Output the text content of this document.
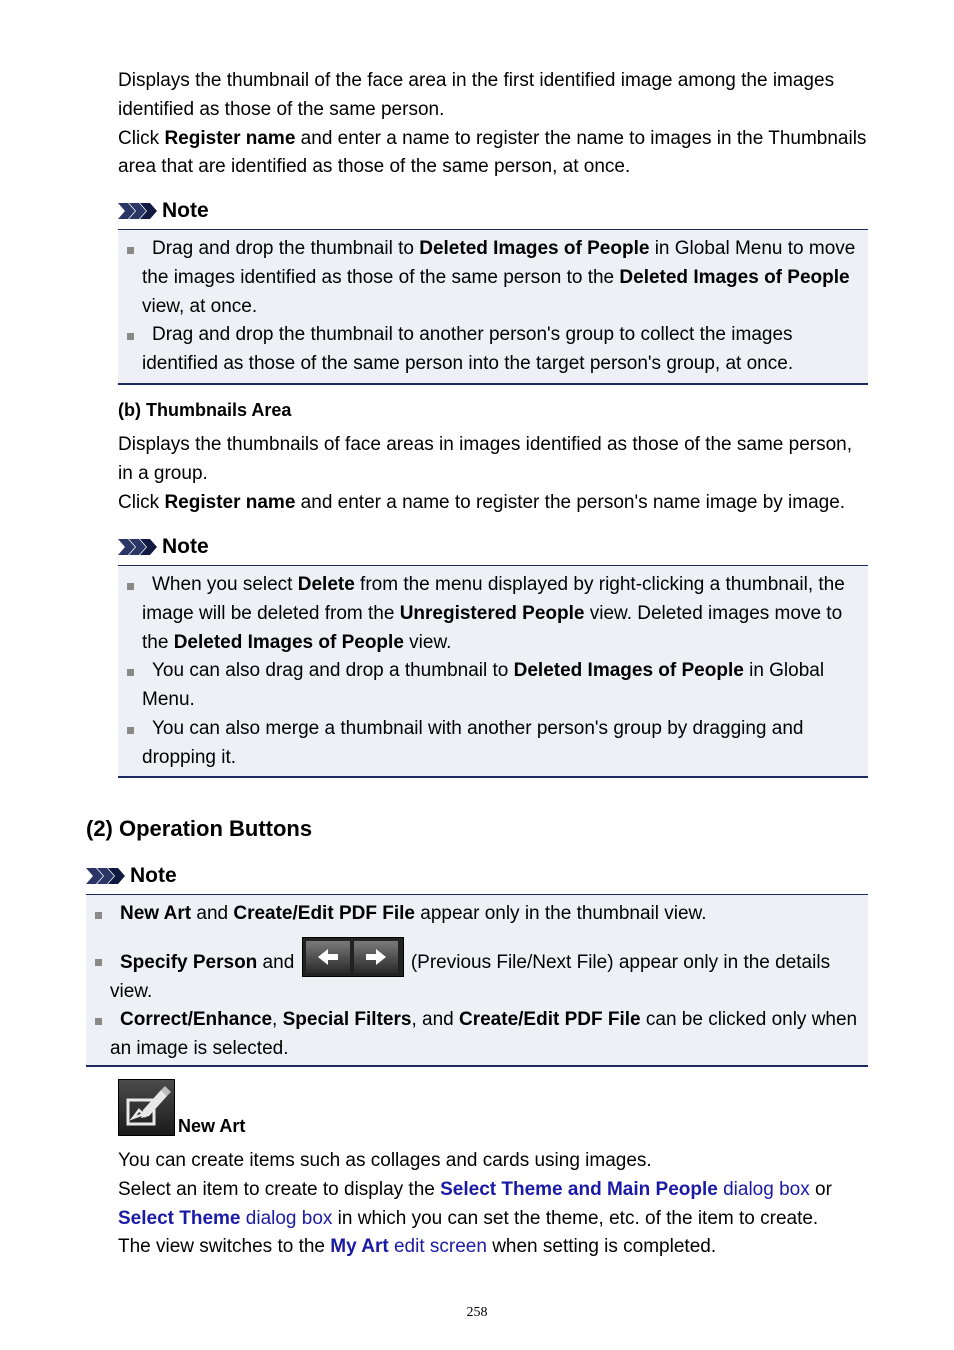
Displays the thumbnail of the face area in the first identified image among the images identified as those of the same person.
Click Register name and enter a name to register the name to images in the Thumbnails area that are identified as those of the same person, at once.

Note
Drag and drop the thumbnail to Deleted Images of People in Global Menu to move the images identified as those of the same person to the Deleted Images of People view, at once.
Drag and drop the thumbnail to another person's group to collect the images identified as those of the same person into the target person's group, at once.
(b) Thumbnails Area

Displays the thumbnails of face areas in images identified as those of the same person, in a group.
Click Register name and enter a name to register the person's name image by image.

Note
When you select Delete from the menu displayed by right-clicking a thumbnail, the image will be deleted from the Unregistered People view. Deleted images move to the Deleted Images of People view.
You can also drag and drop a thumbnail to Deleted Images of People in Global Menu.
You can also merge a thumbnail with another person's group by dragging and dropping it.
(2) Operation Buttons
Note
New Art and Create/Edit PDF File appear only in the thumbnail view.
Specify Person and	(Previous File/Next File) appear only in the details view.
Correct/Enhance, Special Filters, and Create/Edit PDF File can be clicked only when an image is selected.
New Art

You can create items such as collages and cards using images.
Select an item to create to display the Select Theme and Main People dialog box or Select Theme dialog box in which you can set the theme, etc. of the item to create.
The view switches to the My Art edit screen when setting is completed.

258
